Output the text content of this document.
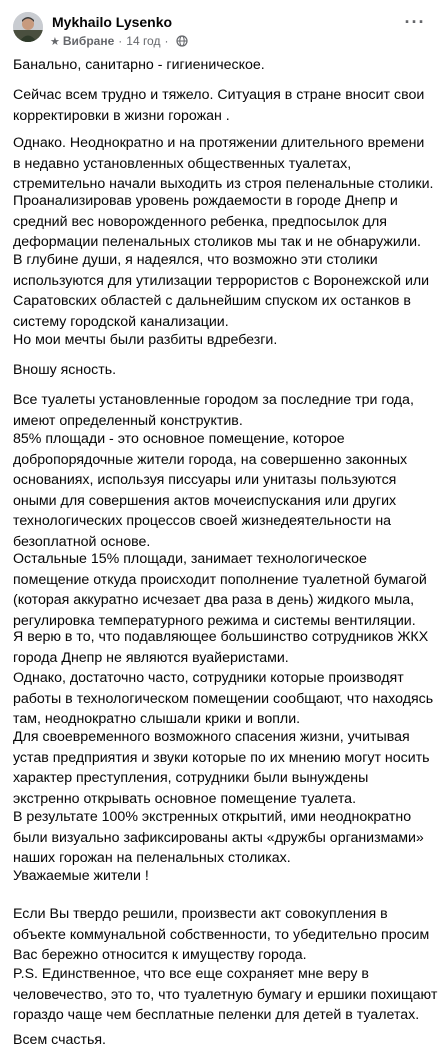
Mykhailo Lysenko
★ Вибране · 14 год ·
···
Банально, санитарно - гигиеническое.
Сейчас всем трудно и тяжело. Ситуация в стране вносит свои
корректировки в жизни горожан .
Однако. Неоднократно и на протяжении длительного времени
в недавно установленных общественных туалетах,
стремительно начали выходить из строя пеленальные столики.
Проанализировав уровень рождаемости в городе Днепр и
средний вес новорожденного ребенка, предпосылок для
деформации пеленальных столиков мы так и не обнаружили.
В глубине души, я надеялся, что возможно эти столики
используются для утилизации террористов с Воронежской или
Саратовских областей с дальнейшим спуском их останков в
систему городской канализации.
Но мои мечты были разбиты вдребезги.
Вношу ясность.
Все туалеты установленные городом за последние три года,
имеют определенный конструктив.
85% площади - это основное помещение, которое
добропорядочные жители города, на совершенно законных
основаниях, используя писсуары или унитазы пользуются
оными для совершения актов мочеиспускания или других
технологических процессов своей жизнедеятельности на
безоплатной основе.
Остальные 15% площади, занимает технологическое
помещение откуда происходит пополнение туалетной бумагой
(которая аккуратно исчезает два раза в день) жидкого мыла,
регулировка температурного режима и системы вентиляции.
Я верю в то, что подавляющее большинство сотрудников ЖКХ
города Днепр не являются вуайеристами.
Однако, достаточно часто, сотрудники которые производят
работы в технологическом помещении сообщают, что находясь
там, неоднократно слышали крики и вопли.
Для своевременного возможного спасения жизни, учитывая
устав предприятия и звуки которые по их мнению могут носить
характер преступления, сотрудники были вынуждены
экстренно открывать основное помещение туалета.
В результате 100% экстренных открытий, ими неоднократно
были визуально зафиксированы акты «дружбы организмами»
наших горожан на пеленальных столиках.
Уважаемые жители !
Если Вы твердо решили, произвести акт совокупления в
объекте коммунальной собственности, то убедительно просим
Вас бережно относится к имуществу города.
P.S. Единственное, что все еще сохраняет мне веру в
человечество, это то, что туалетную бумагу и ершики похищают
гораздо чаще чем бесплатные пеленки для детей в туалетах.
Всем счастья.
